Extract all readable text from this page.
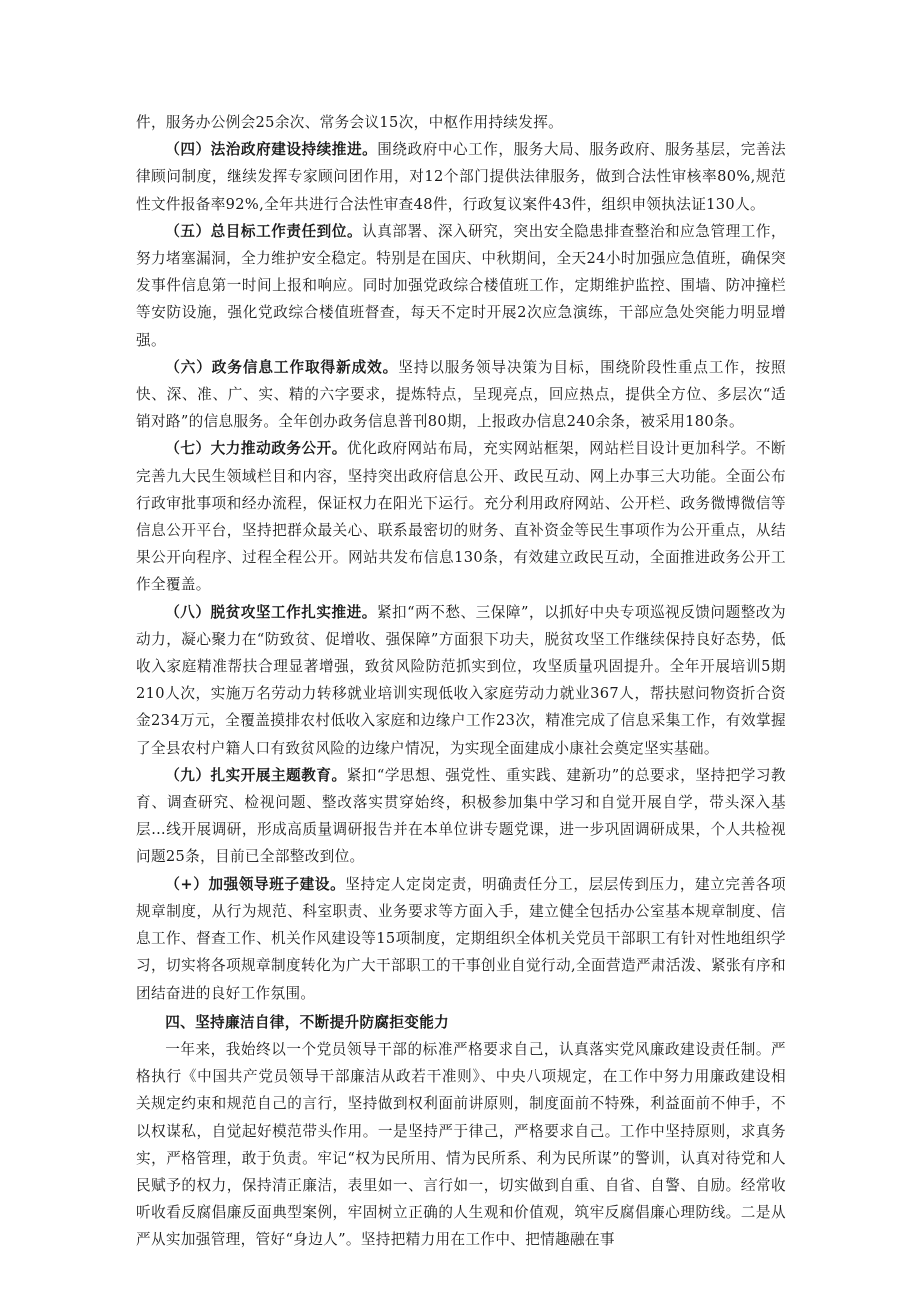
件，服务办公例会25余次、常务会议15次，中枢作用持续发挥。

（四）法治政府建设持续推进。围绕政府中心工作，服务大局、服务政府、服务基层，完善法律顾问制度，继续发挥专家顾问团作用，对12个部门提供法律服务，做到合法性审核率80%,规范性文件报备率92%,全年共进行合法性审查48件，行政复议案件43件，组织申领执法证130人。

（五）总目标工作责任到位。认真部署、深入研究，突出安全隐患排查整治和应急管理工作，努力堵塞漏洞，全力维护安全稳定。特别是在国庆、中秋期间，全天24小时加强应急值班，确保突发事件信息第一时间上报和响应。同时加强党政综合楼值班工作，定期维护监控、围墙、防冲撞栏等安防设施，强化党政综合楼值班督查，每天不定时开展2次应急演练，干部应急处突能力明显增强。

（六）政务信息工作取得新成效。坚持以服务领导决策为目标，围绕阶段性重点工作，按照快、深、准、广、实、精的六字要求，提炼特点，呈现亮点，回应热点，提供全方位、多层次“适销对路”的信息服务。全年创办政务信息普刊80期，上报政办信息240余条，被采用180条。

（七）大力推动政务公开。优化政府网站布局，充实网站框架，网站栏目设计更加科学。不断完善九大民生领域栏目和内容，坚持突出政府信息公开、政民互动、网上办事三大功能。全面公布行政审批事项和经办流程，保证权力在阳光下运行。充分利用政府网站、公开栏、政务微博微信等信息公开平台，坚持把群众最关心、联系最密切的财务、直补资金等民生事项作为公开重点，从结果公开向程序、过程全程公开。网站共发布信息130条，有效建立政民互动，全面推进政务公开工作全覆盖。

（八）脱贫攻坚工作扎实推进。紧扣“两不愁、三保障”，以抓好中央专项巡视反馈问题整改为动力，凝心聚力在“防致贫、促增收、强保障”方面狠下功夫，脱贫攻坚工作继续保持良好态势，低收入家庭精准帮扶合理显著增强，致贫风险防范抓实到位，攻坚质量巩固提升。全年开展培训5期210人次，实施万名劳动力转移就业培训实现低收入家庭劳动力就业367人，帮扶慰问物资折合资金234万元，全覆盖摸排农村低收入家庭和边缘户工作23次，精准完成了信息采集工作，有效掌握了全县农村户籍人口有致贫风险的边缘户情况，为实现全面建成小康社会奠定坚实基础。

（九）扎实开展主题教育。紧扣“学思想、强党性、重实践、建新功”的总要求，坚持把学习教育、调查研究、检视问题、整改落实贯穿始终，积极参加集中学习和自觉开展自学，带头深入基层…线开展调研，形成高质量调研报告并在本单位讲专题党课，进一步巩固调研成果，个人共检视问题25条，目前已全部整改到位。

（+）加强领导班子建设。坚持定人定岗定责，明确责任分工，层层传到压力，建立完善各项规章制度，从行为规范、科室职责、业务要求等方面入手，建立健全包括办公室基本规章制度、信息工作、督查工作、机关作风建设等15项制度，定期组织全体机关党员干部职工有针对性地组织学习，切实将各项规章制度转化为广大干部职工的干事创业自觉行动,全面营造严肃活泼、紧张有序和团结奋进的良好工作氛围。

四、坚持廉洁自律，不断提升防腐拒变能力

一年来，我始终以一个党员领导干部的标准严格要求自己，认真落实党风廉政建设责任制。严格执行《中国共产党员领导干部廉洁从政若干准则》、中央八项规定，在工作中努力用廉政建设相关规定约束和规范自己的言行，坚持做到权利面前讲原则，制度面前不特殊，利益面前不伸手，不以权谋私，自觉起好模范带头作用。一是坚持严于律己，严格要求自己。工作中坚持原则，求真务实，严格管理，敢于负责。牢记“权为民所用、情为民所系、利为民所谋”的警训，认真对待党和人民赋予的权力，保持清正廉洁，表里如一、言行如一，切实做到自重、自省、自警、自励。经常收听收看反腐倡廉反面典型案例，牢固树立正确的人生观和价值观，筑牢反腐倡廉心理防线。二是从严从实加强管理，管好“身边人”。坚持把精力用在工作中、把情趣融在事
